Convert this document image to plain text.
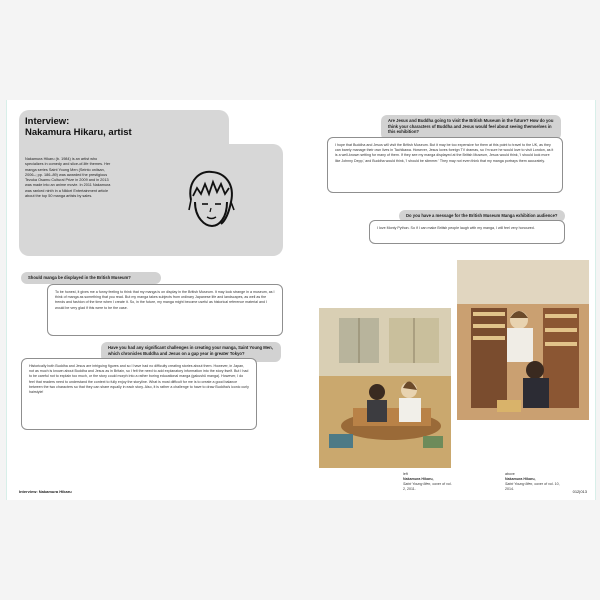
Interview:
Nakamura Hikaru, artist
Nakamura Hikaru (b. 1984) is an artist who specializes in comedy and slice-of-life themes. Her manga series Saint Young Men (Seinto oniisan, 2006–; pp. 186–89) was awarded the prestigious Tezuka Osamu Cultural Prize in 2009 and in 2013 was made into an anime movie. In 2011 Nakamura was ranked ninth in a Nikkei Entertainment article about the top 50 manga artists by sales.
Should manga be displayed in the British Museum?
To be honest, it gives me a funny feeling to think that my manga is on display in the British Museum. It may look strange in a museum, as I think of manga as something that you read. But my manga takes subjects from ordinary Japanese life and landscapes, as well as the trends and fashion of the time when I create it. So, in the future, my manga might become useful as historical reference material and I would be very glad if this were to be the case.
Have you had any significant challenges in creating your manga, Saint Young Men, which chronicles Buddha and Jesus on a gap year in greater Tokyo?
Historically both Buddha and Jesus are intriguing figures and so I have had no difficulty creating stories about them. However, in Japan, not as much is known about Buddha and Jesus as in Britain, so I felt the need to add explanatory information into the story itself. But I had to be careful not to explain too much, or the story could morph into a rather boring educational manga (gakushū manga). However, I do feel that readers need to understand the context to fully enjoy the storyline. What is most difficult for me is to create a good balance between the two characters so that they can share equally in each story. Also, it is rather a challenge to have to draw Buddha's iconic curly hairstyle!
Are Jesus and Buddha going to visit the British Museum in the future? How do you think your characters of Buddha and Jesus would feel about seeing themselves in this exhibition?
I hope that Buddha and Jesus will visit the British Museum. But it may be too expensive for them at this point to travel to the UK, as they can barely manage their own lives in Tachikawa. However, Jesus loves foreign TV dramas, so I'm sure he would love to visit London, as it is a well-known setting for many of them. If they see my manga displayed at the British Museum, Jesus would think, 'I should look more like Johnny Depp,' and Buddha would think, 'I should be slimmer.' They may not even think that my manga portrays them accurately.
Do you have a message for the British Museum Manga exhibition audience?
I love Monty Python. So if I can make British people laugh with my manga, I will feel very honoured.
left
Nakamura Hikaru,
Saint Young Men, cover of vol. 2, 2011.
above
Nakamura Hikaru,
Saint Young Men, cover of vol. 10, 2014.
Interview: Nakamura Hikaru	012|013
